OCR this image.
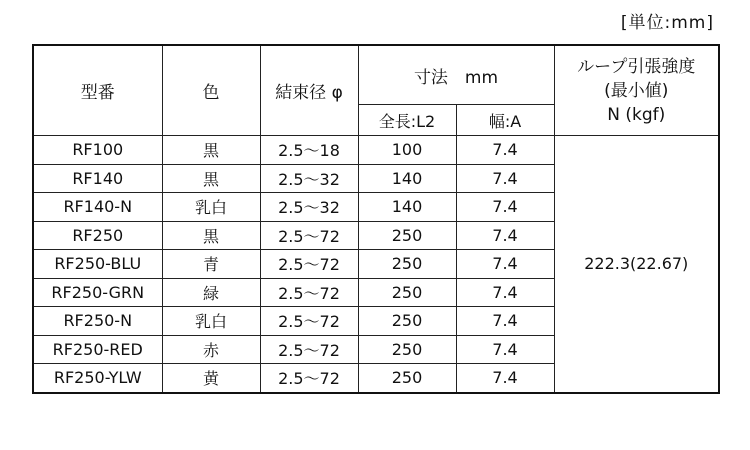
[単位:mm]
型番	色	結束径 φ	寸法　mm		ループ引張強度
(最小値)
N (kgf)

			全長:L2	幅:A	
RF100	黒	2.5～18	100	7.4	222.3(22.67)
RF140	黒	2.5～32	140	7.4	
RF140-N	乳白	2.5～32	140	7.4	
RF250	黒	2.5～72	250	7.4	
RF250-BLU	青	2.5～72	250	7.4	
RF250-GRN	緑	2.5～72	250	7.4	
RF250-N	乳白	2.5～72	250	7.4	
RF250-RED	赤	2.5～72	250	7.4	
RF250-YLW	黄	2.5～72	250	7.4	
